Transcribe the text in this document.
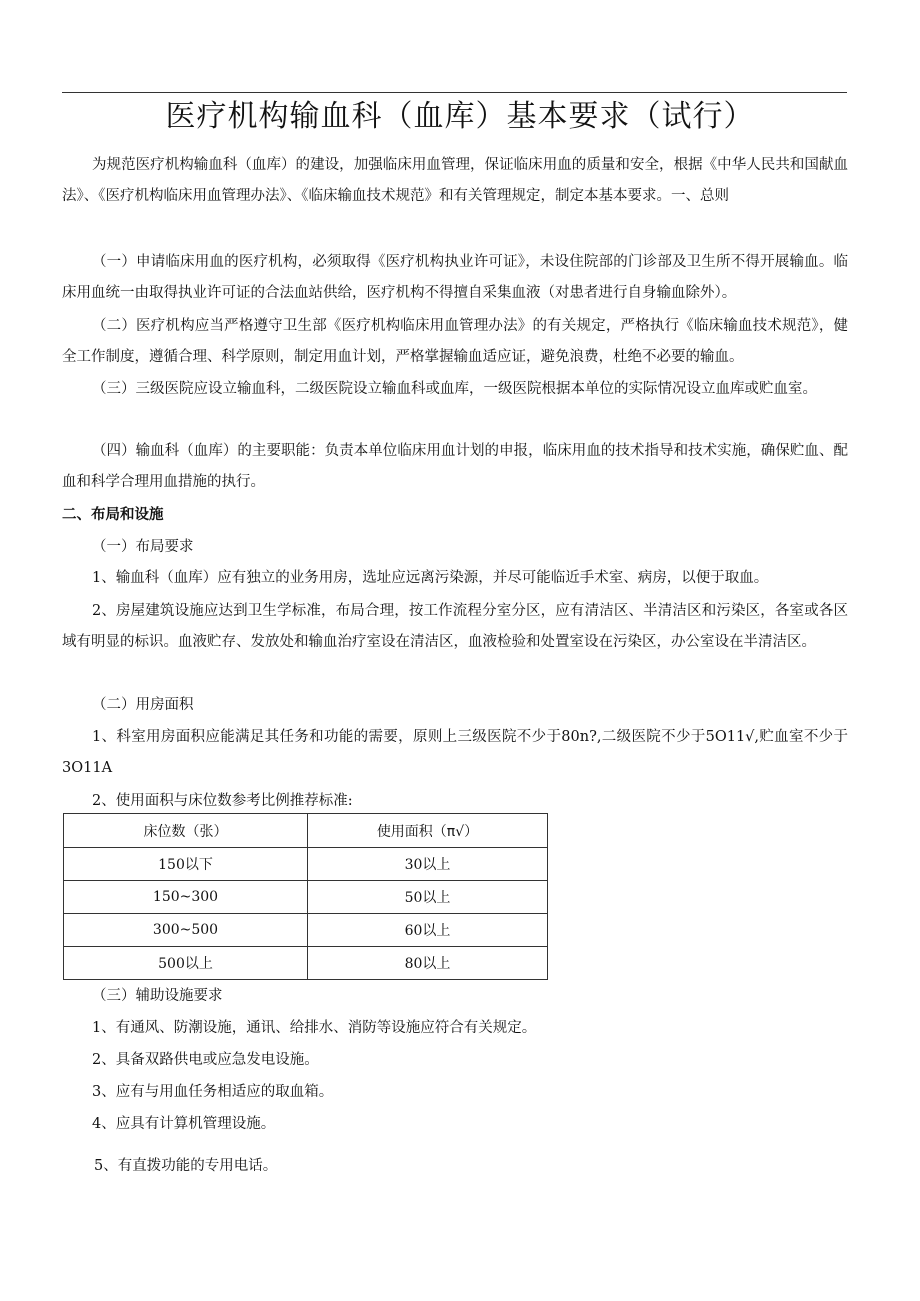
医疗机构输血科（血库）基本要求（试行）

为规范医疗机构输血科（血库）的建设，加强临床用血管理，保证临床用血的质量和安全，根据《中华人民共和国献血法》、《医疗机构临床用血管理办法》、《临床输血技术规范》和有关管理规定，制定本基本要求。一、总则

（一）申请临床用血的医疗机构，必须取得《医疗机构执业许可证》，未设住院部的门诊部及卫生所不得开展输血。临床用血统一由取得执业许可证的合法血站供给，医疗机构不得擅自采集血液（对患者进行自身输血除外）。

（二）医疗机构应当严格遵守卫生部《医疗机构临床用血管理办法》的有关规定，严格执行《临床输血技术规范》，健全工作制度，遵循合理、科学原则，制定用血计划，严格掌握输血适应证，避免浪费，杜绝不必要的输血。

（三）三级医院应设立输血科，二级医院设立输血科或血库，一级医院根据本单位的实际情况设立血库或贮血室。

（四）输血科（血库）的主要职能：负责本单位临床用血计划的申报，临床用血的技术指导和技术实施，确保贮血、配血和科学合理用血措施的执行。

二、布局和设施

（一）布局要求

1、输血科（血库）应有独立的业务用房，选址应远离污染源，并尽可能临近手术室、病房，以便于取血。

2、房屋建筑设施应达到卫生学标准，布局合理，按工作流程分室分区，应有清洁区、半清洁区和污染区，各室或各区域有明显的标识。血液贮存、发放处和输血治疗室设在清洁区，血液检验和处置室设在污染区，办公室设在半清洁区。

（二）用房面积

1、科室用房面积应能满足其任务和功能的需要，原则上三级医院不少于80n?,二级医院不少于5O11√,贮血室不少于3O11A

2、使用面积与床位数参考比例推荐标准:

床位数（张）	使用面积（π√）
150以下	30以上
150~300	50以上
300~500	60以上
500以上	80以上

（三）辅助设施要求

1、有通风、防潮设施，通讯、给排水、消防等设施应符合有关规定。

2、具备双路供电或应急发电设施。

3、应有与用血任务相适应的取血箱。

4、应具有计算机管理设施。

5、有直拨功能的专用电话。
